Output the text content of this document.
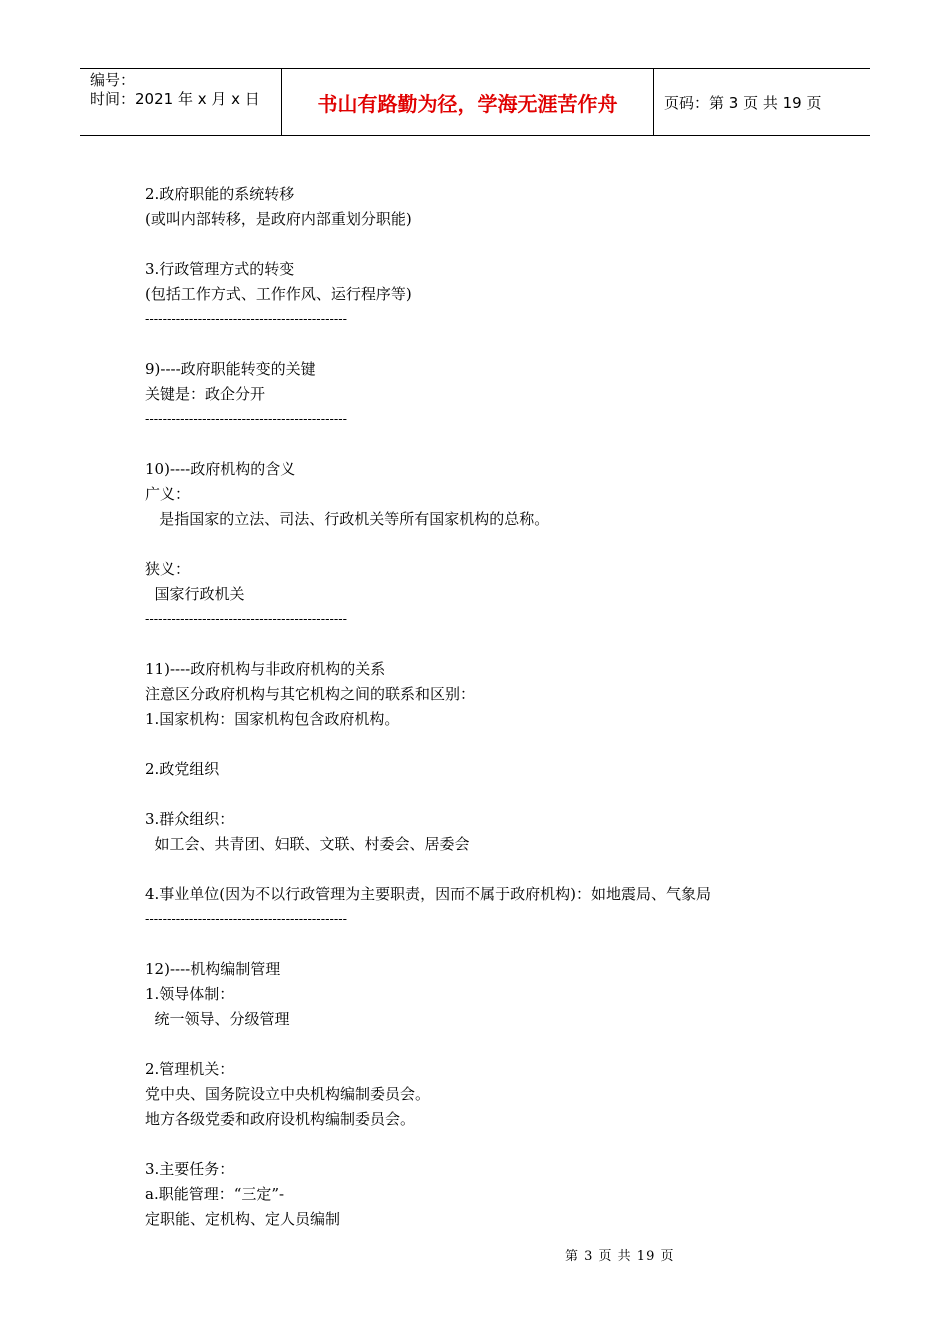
编号：
时间：2021 年 x 月 x 日	书山有路勤为径，学海无涯苦作舟	页码：第 3 页 共 19 页
2.政府职能的系统转移
(或叫内部转移，是政府内部重划分职能)
3.行政管理方式的转变
(包括工作方式、工作作风、运行程序等)
----------------------------------------------
9)----政府职能转变的关键
关键是：政企分开
----------------------------------------------
10)----政府机构的含义
广义：
是指国家的立法、司法、行政机关等所有国家机构的总称。
狭义：
国家行政机关
----------------------------------------------
11)----政府机构与非政府机构的关系
注意区分政府机构与其它机构之间的联系和区别：
1.国家机构：国家机构包含政府机构。
2.政党组织
3.群众组织：
如工会、共青团、妇联、文联、村委会、居委会
4.事业单位(因为不以行政管理为主要职责，因而不属于政府机构)：如地震局、气象局
----------------------------------------------
12)----机构编制管理
1.领导体制：
统一领导、分级管理
2.管理机关：
党中央、国务院设立中央机构编制委员会。
地方各级党委和政府设机构编制委员会。
3.主要任务：
a.职能管理：“三定”-
定职能、定机构、定人员编制
第 3 页 共 19 页
